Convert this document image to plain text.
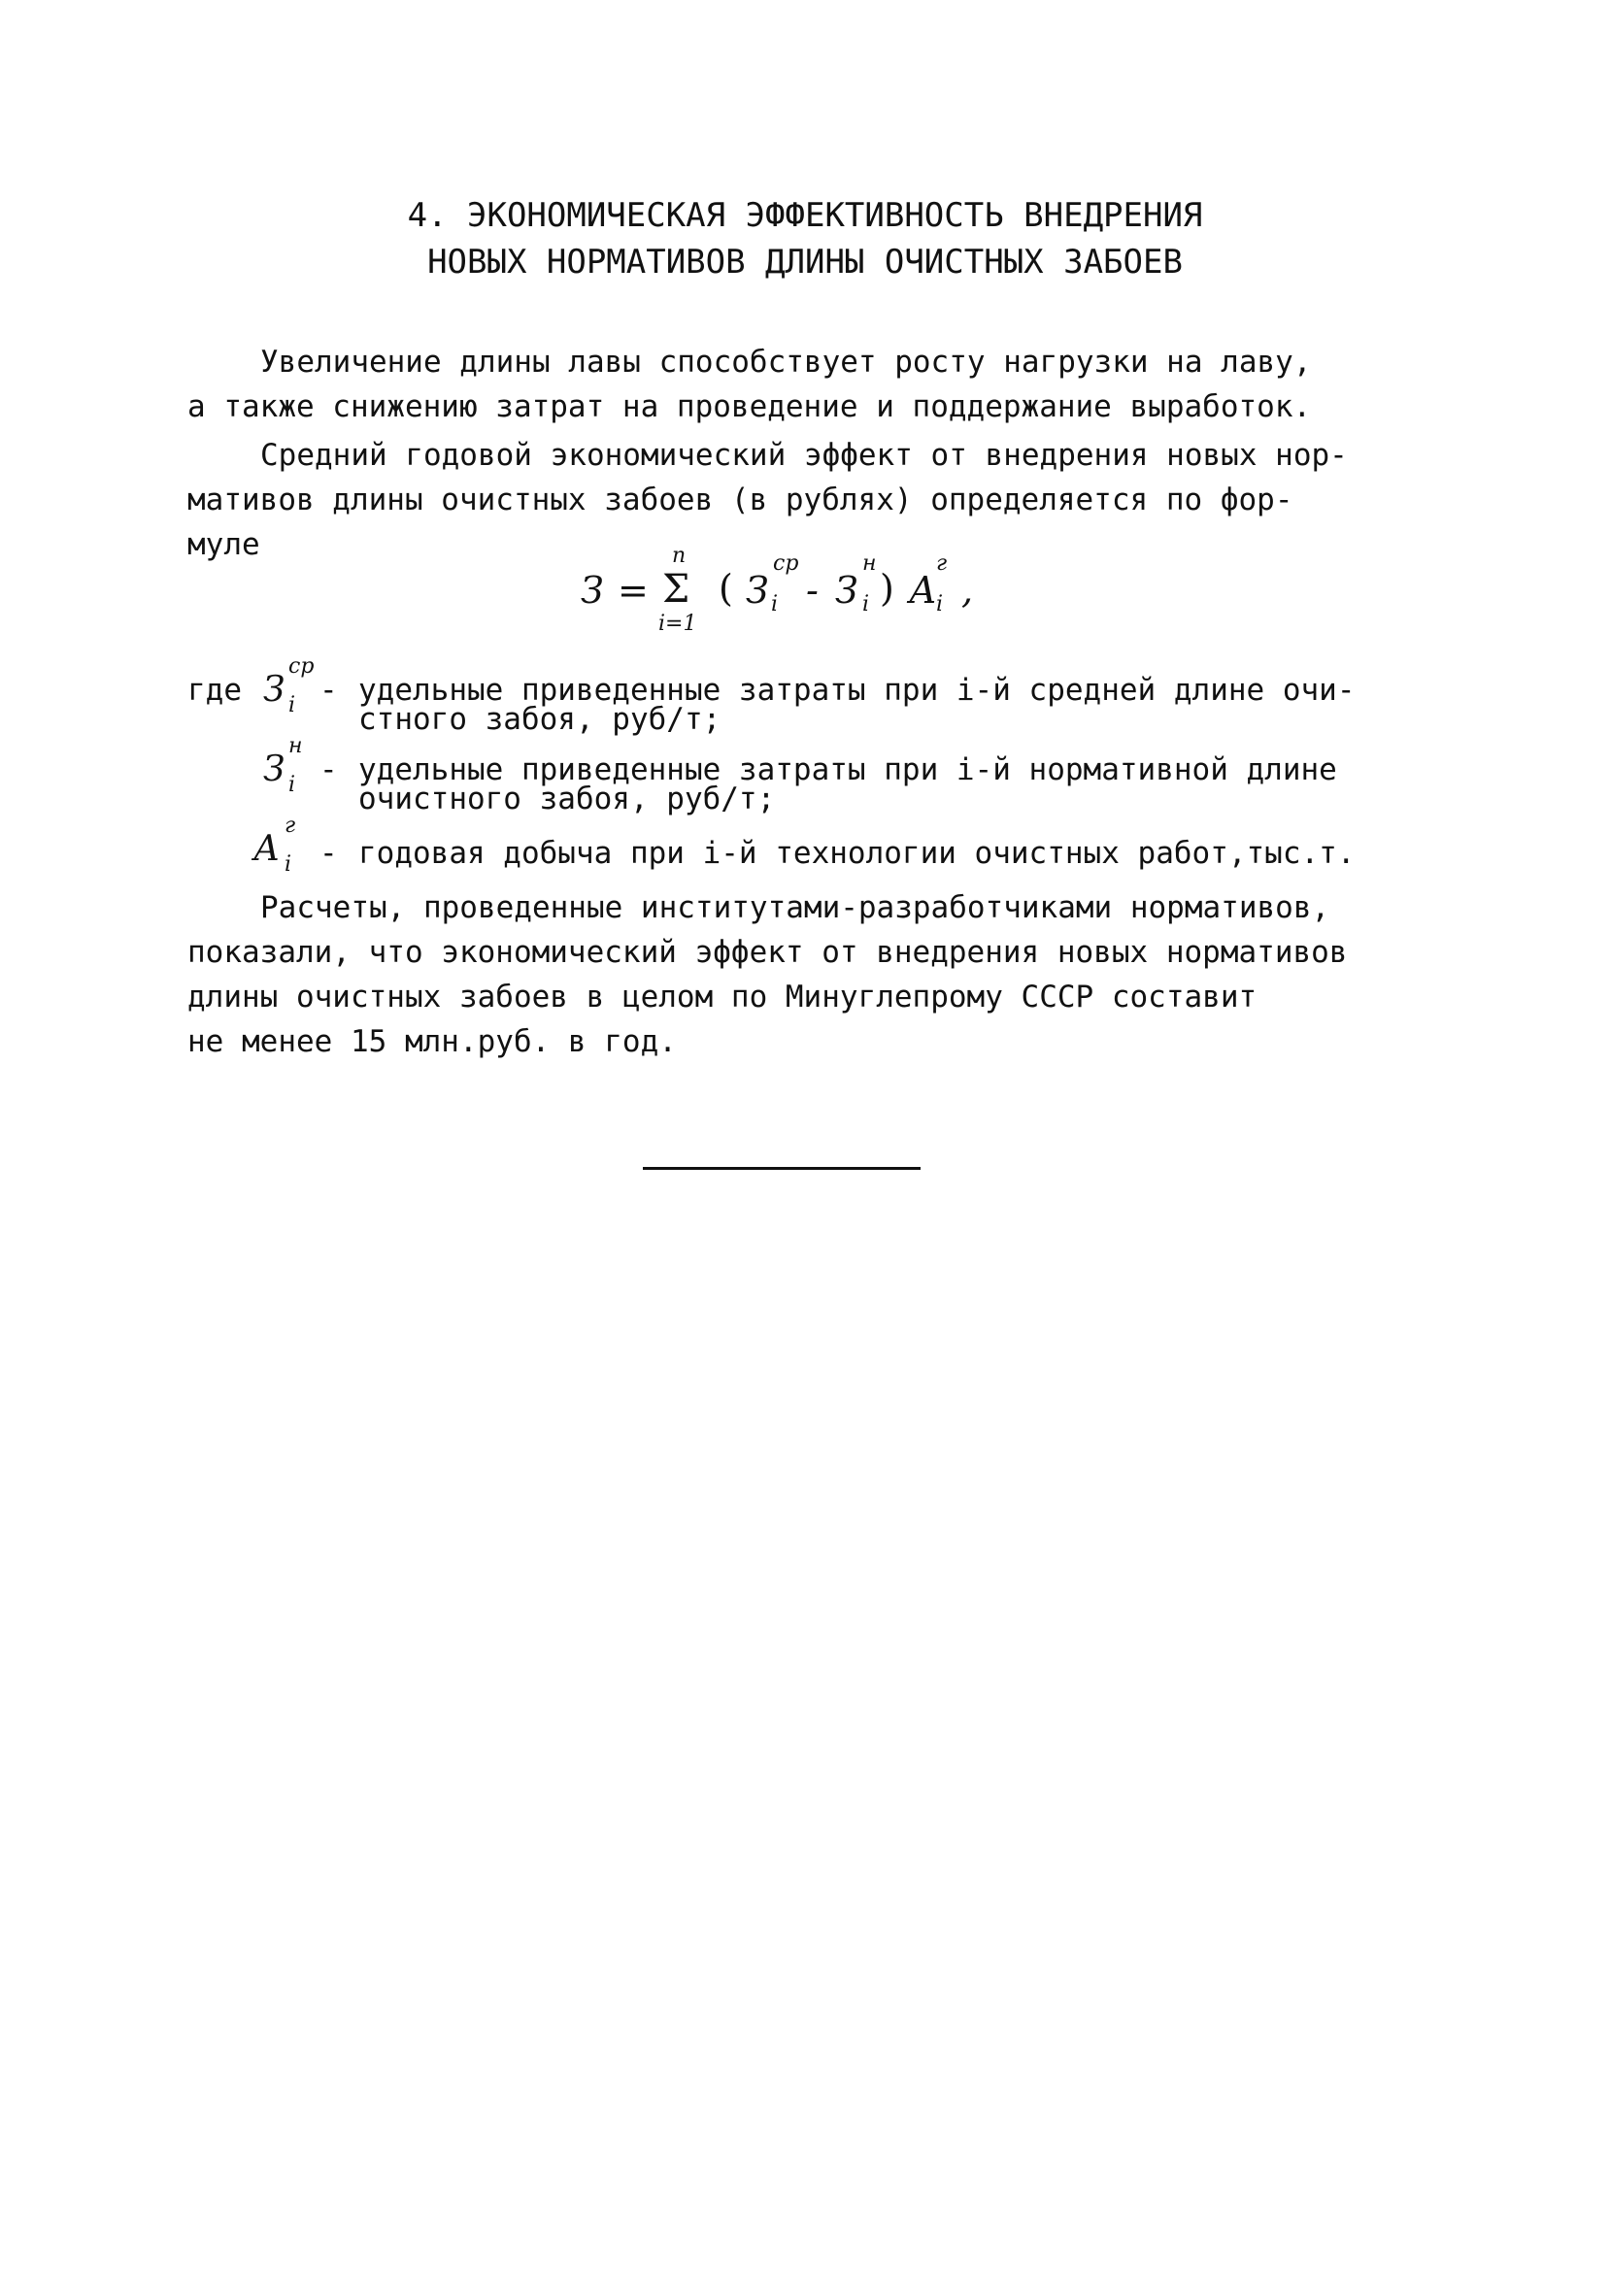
4. ЭКОНОМИЧЕСКАЯ ЭФФЕКТИВНОСТЬ ВНЕДРЕНИЯ
НОВЫХ НОРМАТИВОВ ДЛИНЫ ОЧИСТНЫХ ЗАБОЕВ
Увеличение длины лавы способствует росту нагрузки на лаву,
а также снижению затрат на проведение и поддержание выработок.
Средний годовой экономический эффект от внедрения новых нор-
мативов длины очистных забоев (в рублях) определяется по фор-
муле
З = Σ
n
i=1
( З
ср
i - З
н
i ) А
г
i ,
где З
ср
i - удельные приведенные затраты при i-й средней длине очи-
стного забоя, руб/т;
З
н
i - удельные приведенные затраты при i-й нормативной длине
очистного забоя, руб/т;
А
г
i - годовая добыча при i-й технологии очистных работ,тыс.т.
Расчеты, проведенные институтами-разработчиками нормативов,
показали, что экономический эффект от внедрения новых нормативов
длины очистных забоев в целом по Минуглепрому СССР составит
не менее 15 млн.руб. в год.
